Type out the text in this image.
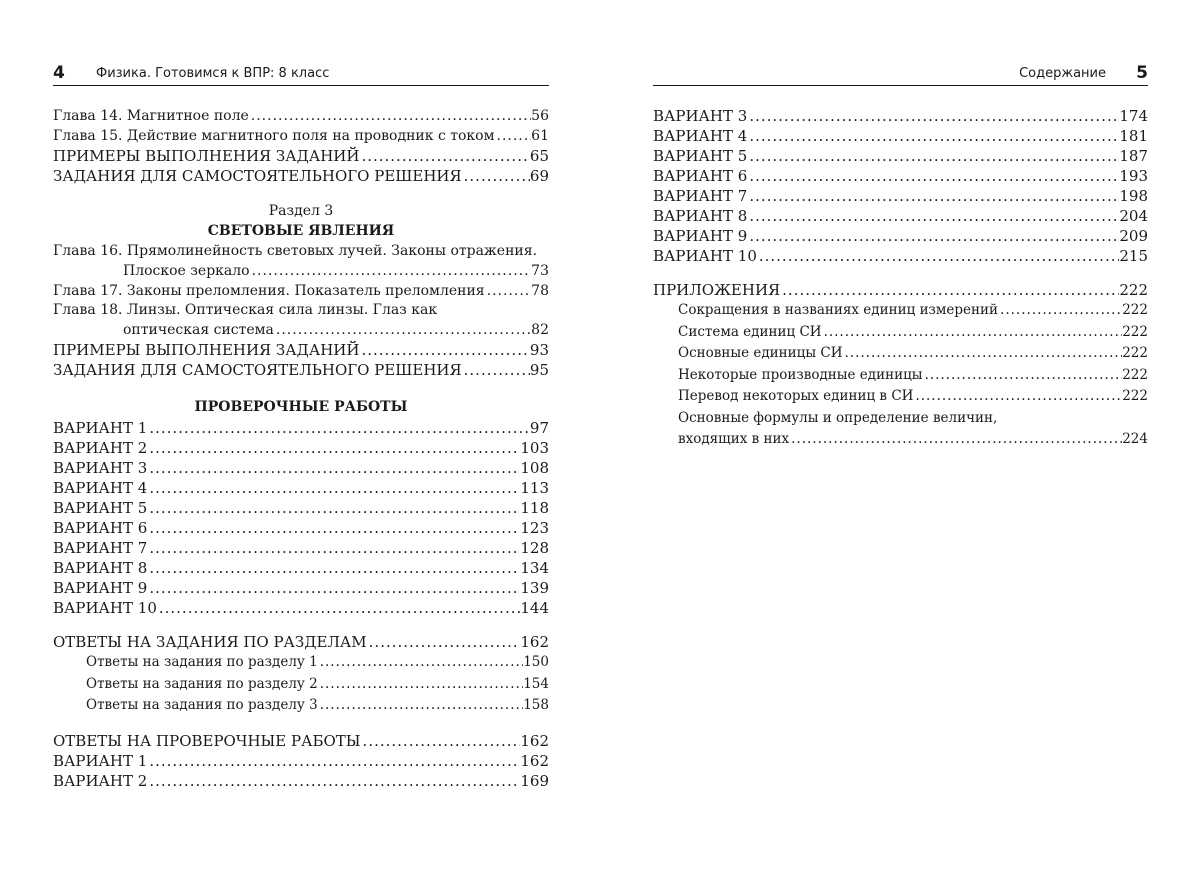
4 Физика. Готовимся к ВПР: 8 класс
Глава 14. Магнитное поле .....	56
Глава 15. Действие магнитного поля на проводник с током .....	61
ПРИМЕРЫ ВЫПОЛНЕНИЯ ЗАДАНИЙ .....	65
ЗАДАНИЯ ДЛЯ САМОСТОЯТЕЛЬНОГО РЕШЕНИЯ .....	69
Раздел 3
СВЕТОВЫЕ ЯВЛЕНИЯ
Глава 16. Прямолинейность световых лучей. Законы отражения.
Плоское зеркало .....	73
Глава 17. Законы преломления. Показатель преломления .....	78
Глава 18. Линзы. Оптическая сила линзы. Глаз как
оптическая система .....	82
ПРИМЕРЫ ВЫПОЛНЕНИЯ ЗАДАНИЙ .....	93
ЗАДАНИЯ ДЛЯ САМОСТОЯТЕЛЬНОГО РЕШЕНИЯ .....	95
ПРОВЕРОЧНЫЕ РАБОТЫ
ВАРИАНТ 1 .....	97
ВАРИАНТ 2 .....	103
ВАРИАНТ 3 .....	108
ВАРИАНТ 4 .....	113
ВАРИАНТ 5 .....	118
ВАРИАНТ 6 .....	123
ВАРИАНТ 7 .....	128
ВАРИАНТ 8 .....	134
ВАРИАНТ 9 .....	139
ВАРИАНТ 10 .....	144
ОТВЕТЫ НА ЗАДАНИЯ ПО РАЗДЕЛАМ .....	162
Ответы на задания по разделу 1 .....	150
Ответы на задания по разделу 2 .....	154
Ответы на задания по разделу 3 .....	158
ОТВЕТЫ НА ПРОВЕРОЧНЫЕ РАБОТЫ .....	162
ВАРИАНТ 1 .....	162
ВАРИАНТ 2 .....	169
Содержание 5
ВАРИАНТ 3 .....	174
ВАРИАНТ 4 .....	181
ВАРИАНТ 5 .....	187
ВАРИАНТ 6 .....	193
ВАРИАНТ 7 .....	198
ВАРИАНТ 8 .....	204
ВАРИАНТ 9 .....	209
ВАРИАНТ 10 .....	215
ПРИЛОЖЕНИЯ .....	222
Сокращения в названиях единиц измерений .....	222
Система единиц СИ .....	222
Основные единицы СИ .....	222
Некоторые производные единицы .....	222
Перевод некоторых единиц в СИ .....	222
Основные формулы и определение величин,
входящих в них .....	224
